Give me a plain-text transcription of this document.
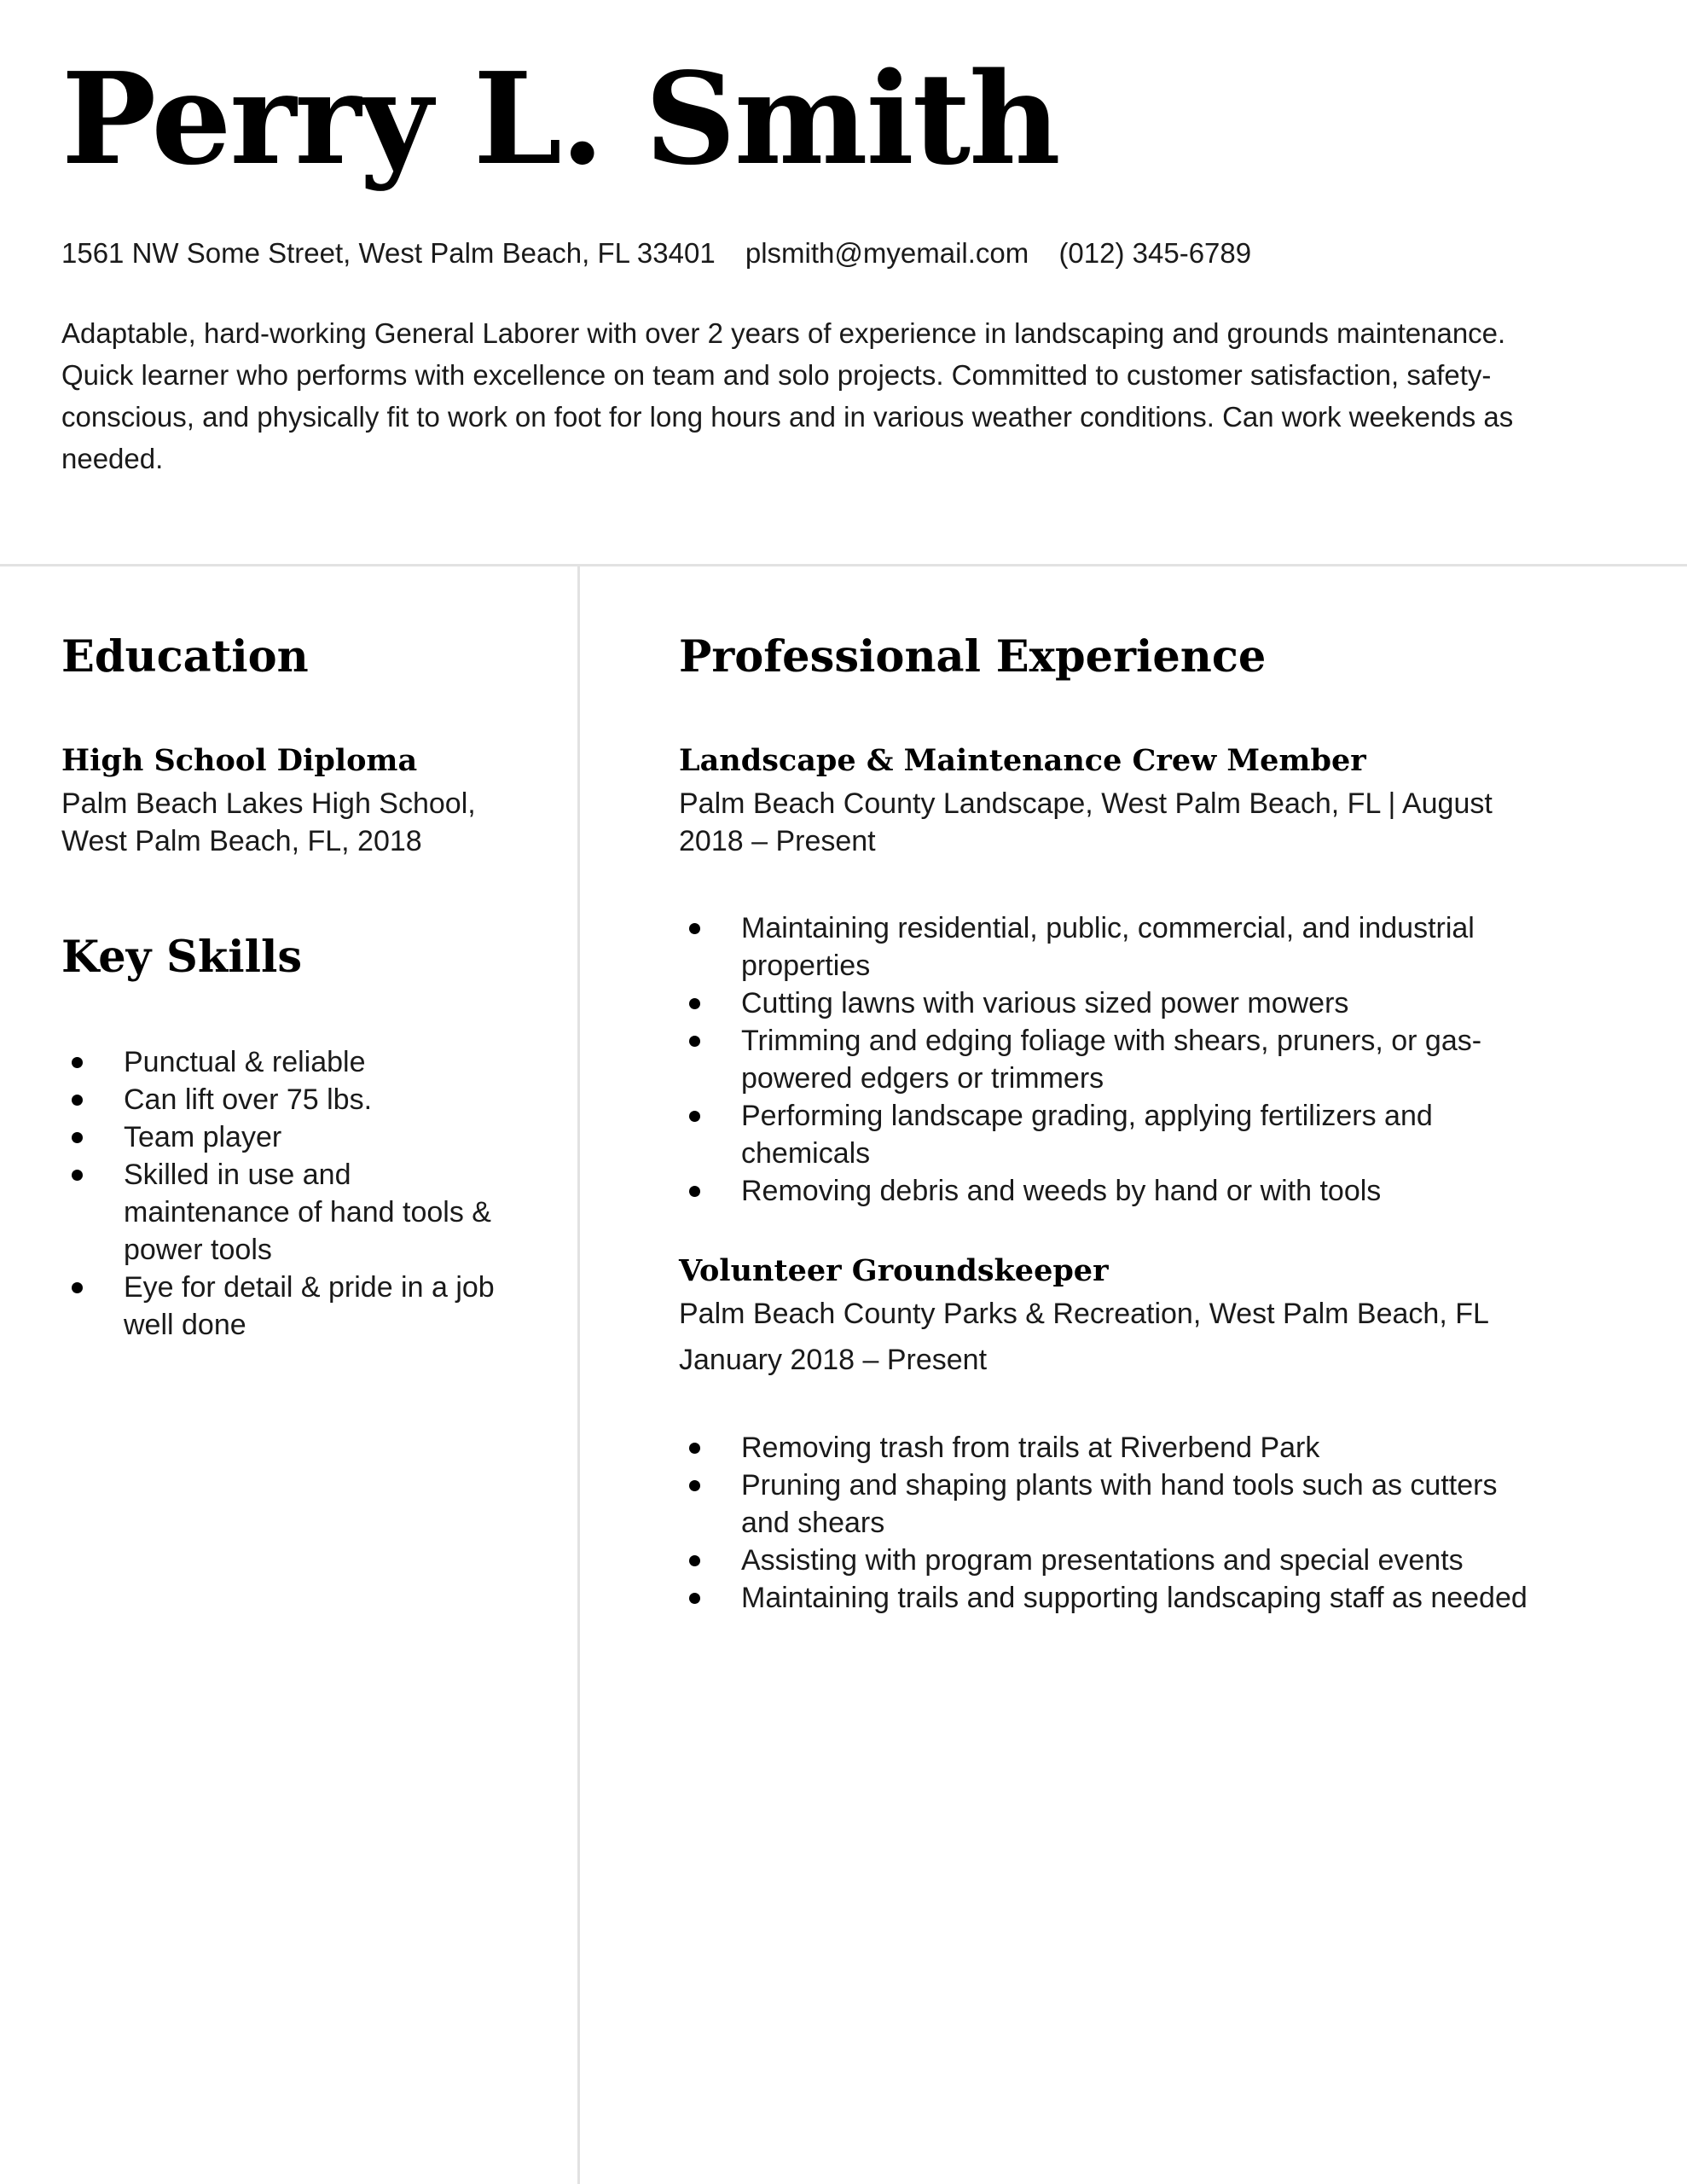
Perry L. Smith
1561 NW Some Street, West Palm Beach, FL 33401 plsmith@myemail.com (012) 345-6789

Adaptable, hard-working General Laborer with over 2 years of experience in landscaping and grounds maintenance. Quick learner who performs with excellence on team and solo projects. Committed to customer satisfaction, safety-conscious, and physically fit to work on foot for long hours and in various weather conditions. Can work weekends as needed.

Education

High School Diploma

Palm Beach Lakes High School,

West Palm Beach, FL, 2018

Key Skills
Punctual & reliable
Can lift over 75 lbs.
Team player
Skilled in use and maintenance of hand tools & power tools
Eye for detail & pride in a job well done
Professional Experience

Landscape & Maintenance Crew Member

Palm Beach County Landscape, West Palm Beach, FL | August 2018 – Present

Maintaining residential, public, commercial, and industrial properties
Cutting lawns with various sized power mowers
Trimming and edging foliage with shears, pruners, or gas-powered edgers or trimmers
Performing landscape grading, applying fertilizers and chemicals
Removing debris and weeds by hand or with tools

Volunteer Groundskeeper

Palm Beach County Parks & Recreation, West Palm Beach, FL

January 2018 – Present

Removing trash from trails at Riverbend Park
Pruning and shaping plants with hand tools such as cutters and shears
Assisting with program presentations and special events
Maintaining trails and supporting landscaping staff as needed
